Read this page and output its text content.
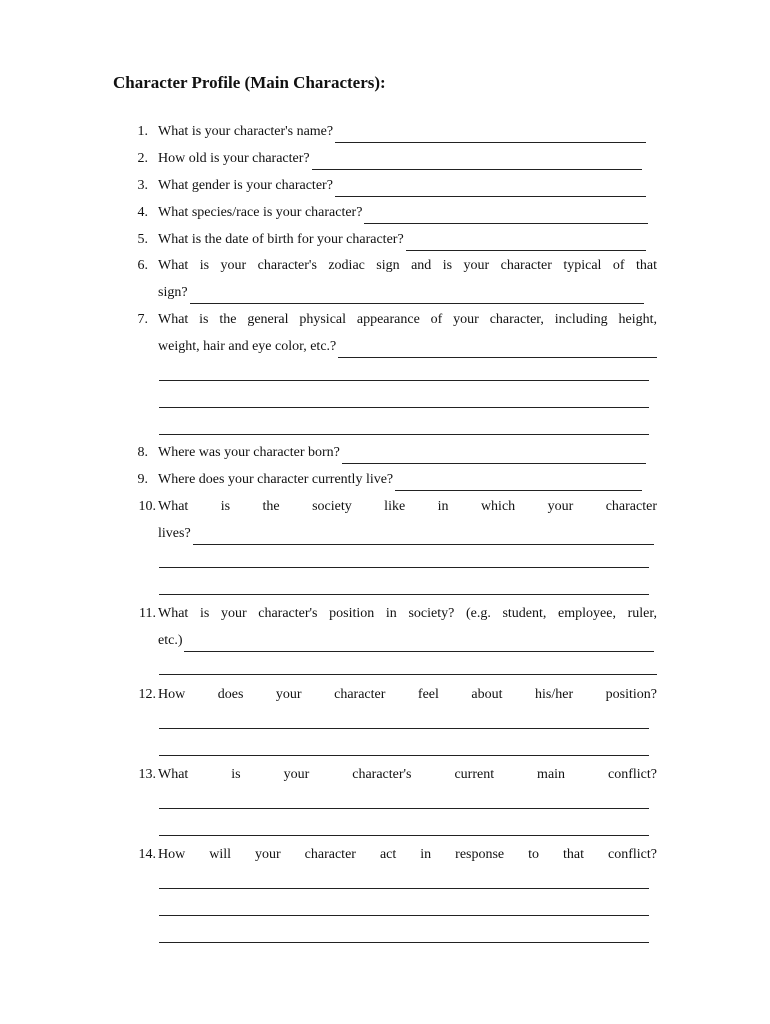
Character Profile (Main Characters):
1. What is your character's name?
2. How old is your character?
3. What gender is your character?
4. What species/race is your character?
5. What is the date of birth for your character?
6. What is your character's zodiac sign and is your character typical of that
sign?
7. What is the general physical appearance of your character, including height,
weight, hair and eye color, etc.?
8. Where was your character born?
9. Where does your character currently live?
10. What is the society like in which your character
lives?
11. What is your character's position in society? (e.g. student, employee, ruler,
etc.)
12. How does your character feel about his/her position?
13. What is your character's current main conflict?
14. How will your character act in response to that conflict?
